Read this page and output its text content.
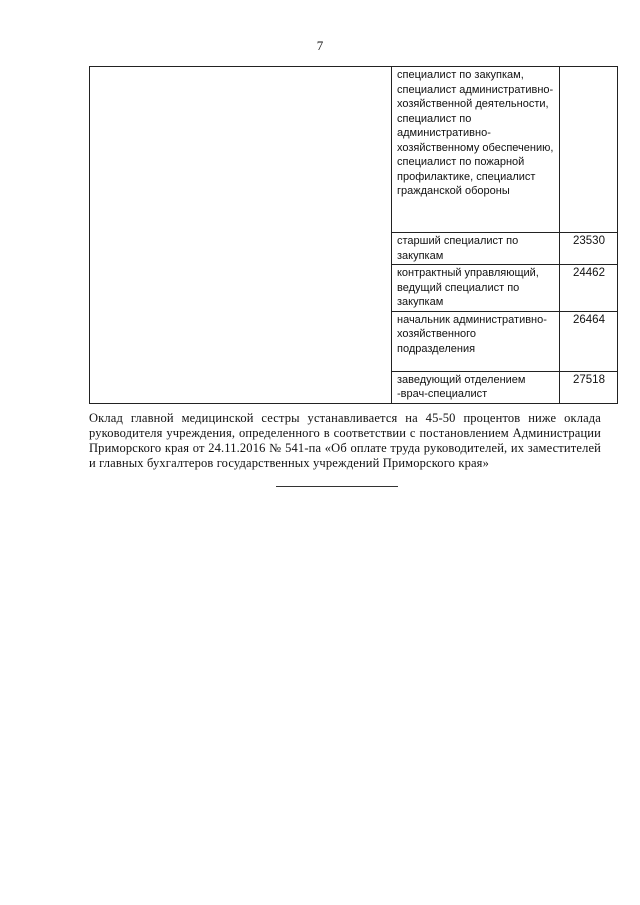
7
	специалист по закупкам, специалист административно-хозяйственной деятельности, специалист по административно-хозяйственному обеспечению, специалист по пожарной профилактике, специалист гражданской обороны	
	старший специалист по закупкам	23530
	контрактный управляющий, ведущий специалист по закупкам	24462
	начальник административно-хозяйственного подразделения	26464
	заведующий отделением -врач-специалист	27518

Оклад главной медицинской сестры устанавливается на 45-50 процентов ниже оклада руководителя учреждения, определенного в соответствии с постановлением Администрации Приморского края от 24.11.2016 № 541-па «Об оплате труда руководителей, их заместителей и главных бухгалтеров государственных учреждений Приморского края»
